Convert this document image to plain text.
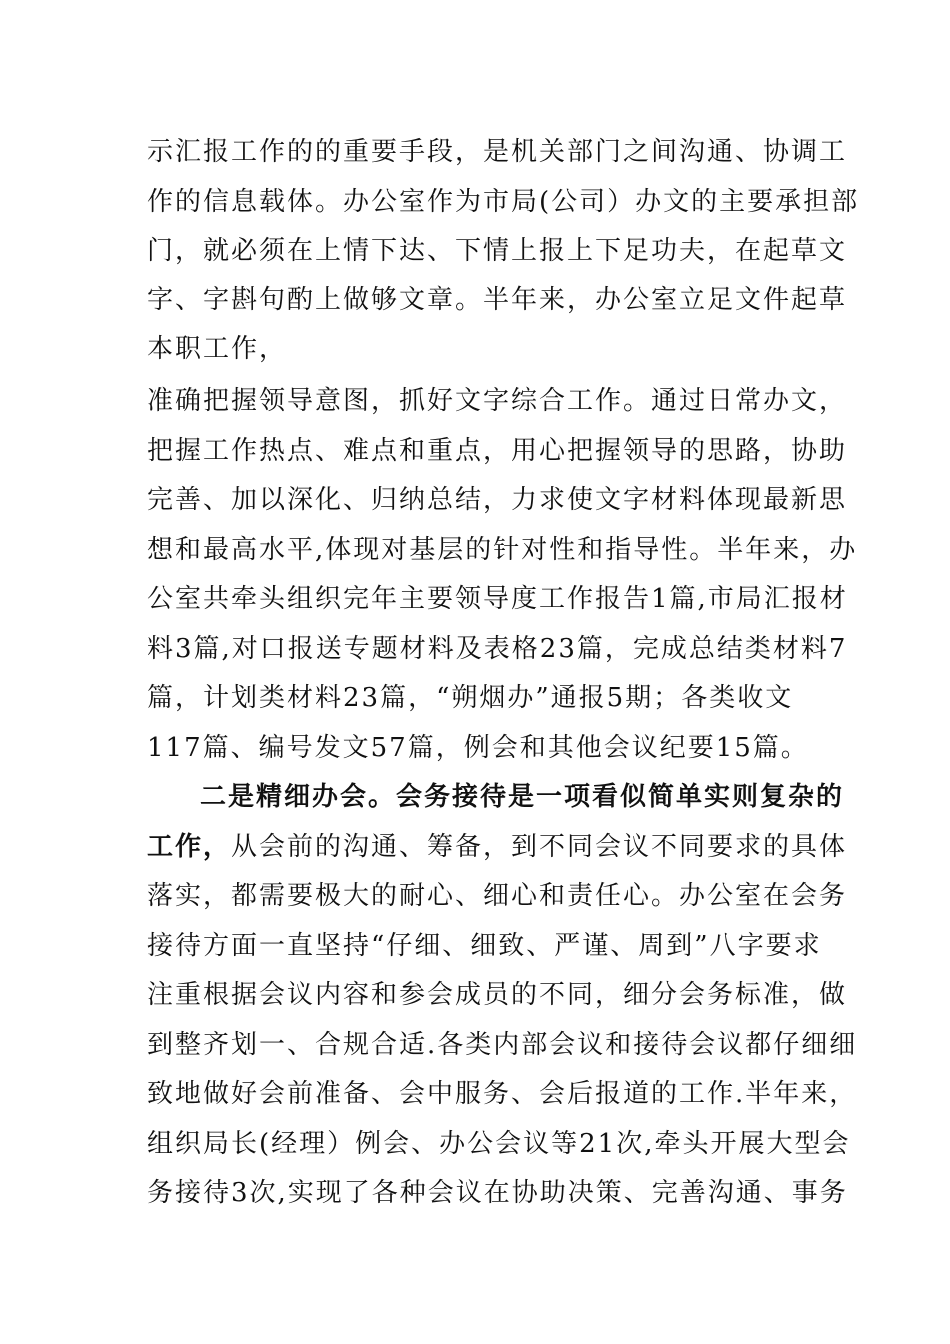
示汇报工作的的重要手段，是机关部门之间沟通、协调工
作的信息载体。办公室作为市局(公司）办文的主要承担部
门，就必须在上情下达、下情上报上下足功夫，在起草文
字、字斟句酌上做够文章。半年来，办公室立足文件起草
本职工作，
准确把握领导意图，抓好文字综合工作。通过日常办文，
把握工作热点、难点和重点，用心把握领导的思路，协助
完善、加以深化、归纳总结，力求使文字材料体现最新思
想和最高水平,体现对基层的针对性和指导性。半年来，办
公室共牵头组织完年主要领导度工作报告1篇,市局汇报材
料3篇,对口报送专题材料及表格23篇，完成总结类材料7
篇，计划类材料23篇，“朔烟办”通报5期；各类收文
117篇、编号发文57篇，例会和其他会议纪要15篇。
二是精细办会。会务接待是一项看似简单实则复杂的
工作，从会前的沟通、筹备，到不同会议不同要求的具体
落实，都需要极大的耐心、细心和责任心。办公室在会务
接待方面一直坚持“仔细、细致、严谨、周到”八字要求
注重根据会议内容和参会成员的不同，细分会务标准，做
到整齐划一、合规合适.各类内部会议和接待会议都仔细细
致地做好会前准备、会中服务、会后报道的工作.半年来，
组织局长(经理）例会、办公会议等21次,牵头开展大型会
务接待3次,实现了各种会议在协助决策、完善沟通、事务
